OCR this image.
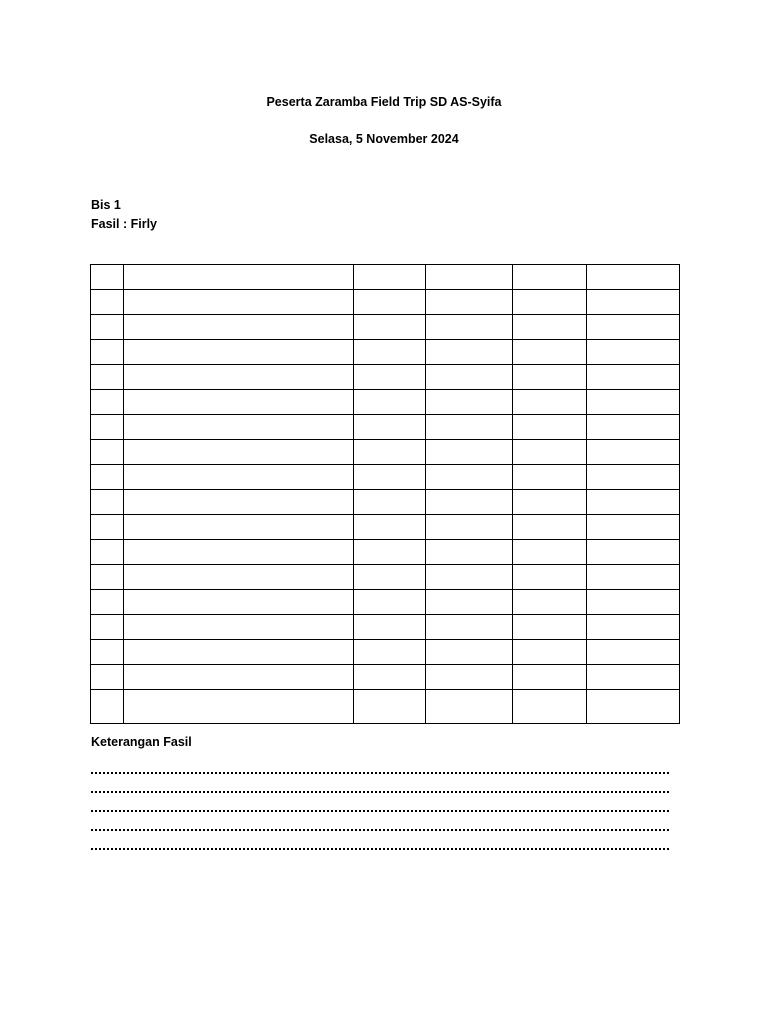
Peserta Zaramba Field Trip SD AS-Syifa
Selasa, 5 November 2024
Bis 1
Fasil : Firly

Keterangan Fasil
